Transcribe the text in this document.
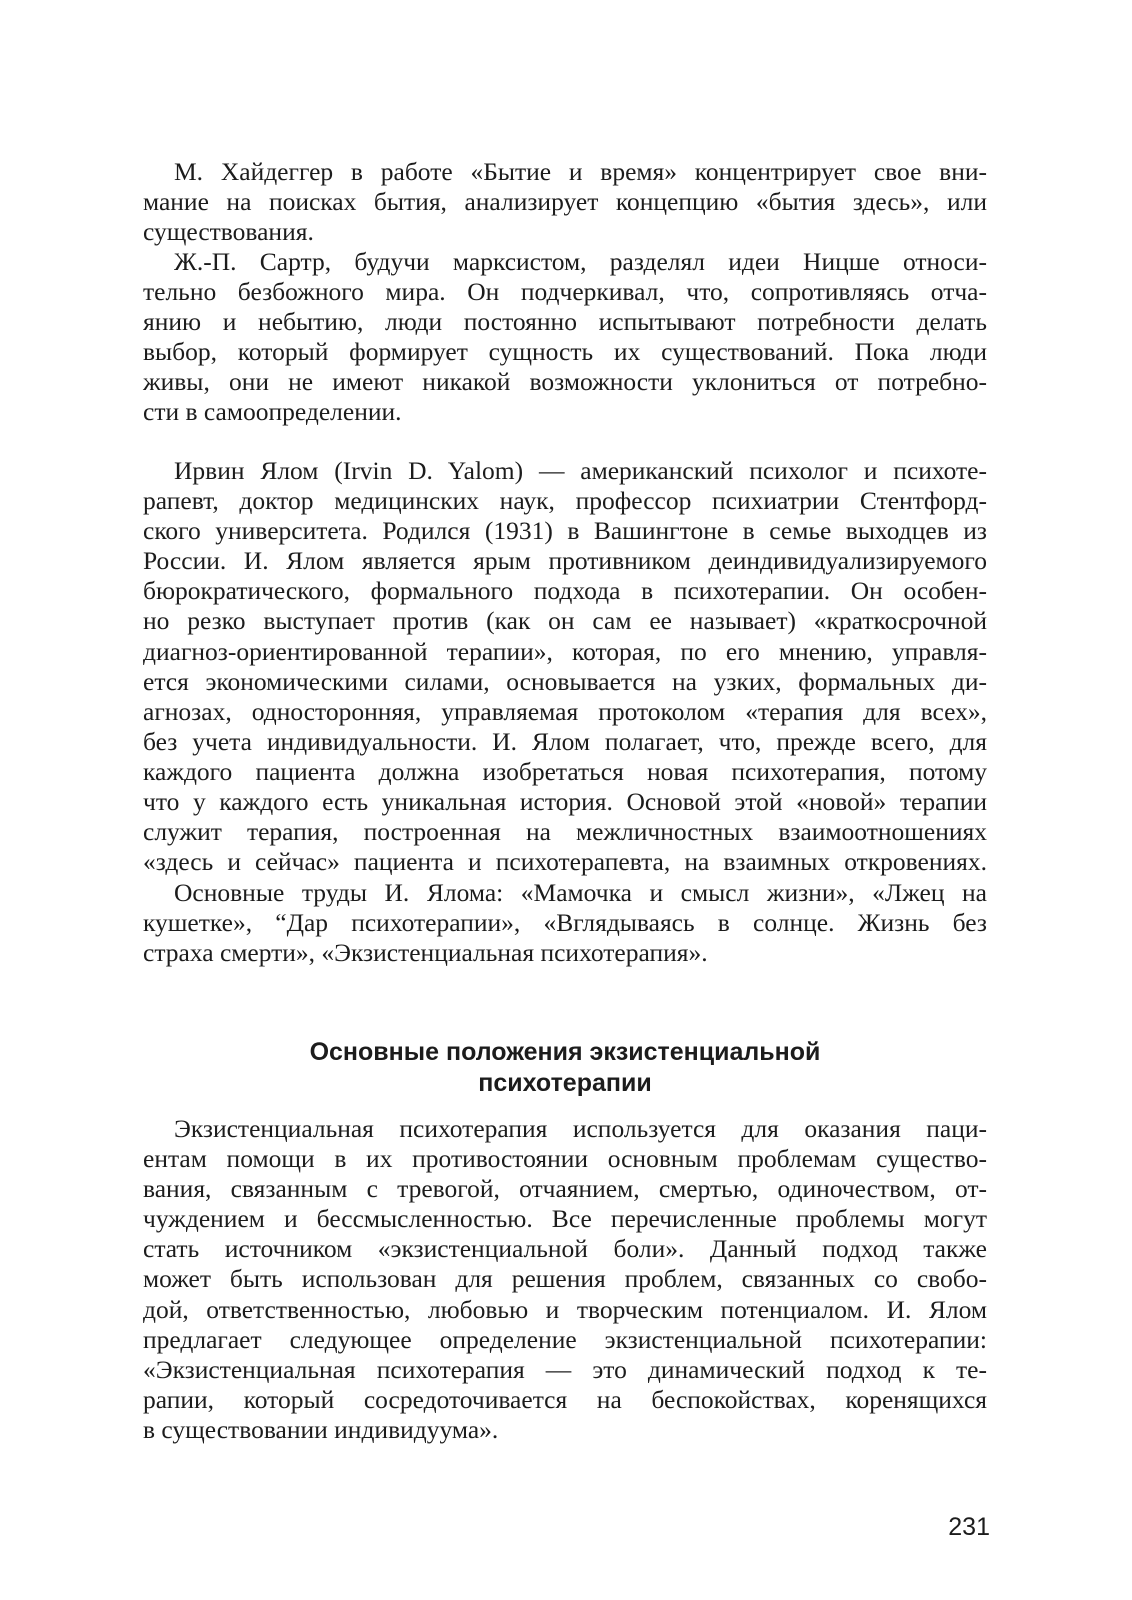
М. Хайдеггер в работе «Бытие и время» концентрирует свое вни-
мание на поисках бытия, анализирует концепцию «бытия здесь», или
существования.
Ж.-П. Сартр, будучи марксистом, разделял идеи Ницше относи-
тельно безбожного мира. Он подчеркивал, что, сопротивляясь отча-
янию и небытию, люди постоянно испытывают потребности делать
выбор, который формирует сущность их существований. Пока люди
живы, они не имеют никакой возможности уклониться от потребно-
сти в самоопределении.
Ирвин Ялом (Irvin D. Yalom) — американский психолог и психоте-
рапевт, доктор медицинских наук, профессор психиатрии Стентфорд-
ского университета. Родился (1931) в Вашингтоне в семье выходцев из
России. И. Ялом является ярым противником деиндивидуализируемого
бюрократического, формального подхода в психотерапии. Он особен-
но резко выступает против (как он сам ее называет) «краткосрочной
диагноз-ориентированной терапии», которая, по его мнению, управля-
ется экономическими силами, основывается на узких, формальных ди-
агнозах, односторонняя, управляемая протоколом «терапия для всех»,
без учета индивидуальности. И. Ялом полагает, что, прежде всего, для
каждого пациента должна изобретаться новая психотерапия, потому
что у каждого есть уникальная история. Основой этой «новой» терапии
служит терапия, построенная на межличностных взаимоотношениях
«здесь и сейчас» пациента и психотерапевта, на взаимных откровениях.
Основные труды И. Ялома: «Мамочка и смысл жизни», «Лжец на
кушетке», “Дар психотерапии», «Вглядываясь в солнце. Жизнь без
страха смерти», «Экзистенциальная психотерапия».
Основные положения экзистенциальной
психотерапии
Экзистенциальная психотерапия используется для оказания паци-
ентам помощи в их противостоянии основным проблемам существо-
вания, связанным с тревогой, отчаянием, смертью, одиночеством, от-
чуждением и бессмысленностью. Все перечисленные проблемы могут
стать источником «экзистенциальной боли». Данный подход также
может быть использован для решения проблем, связанных со свобо-
дой, ответственностью, любовью и творческим потенциалом. И. Ялом
предлагает следующее определение экзистенциальной психотерапии:
«Экзистенциальная психотерапия — это динамический подход к те-
рапии, который сосредоточивается на беспокойствах, коренящихся
в существовании индивидуума».
231
